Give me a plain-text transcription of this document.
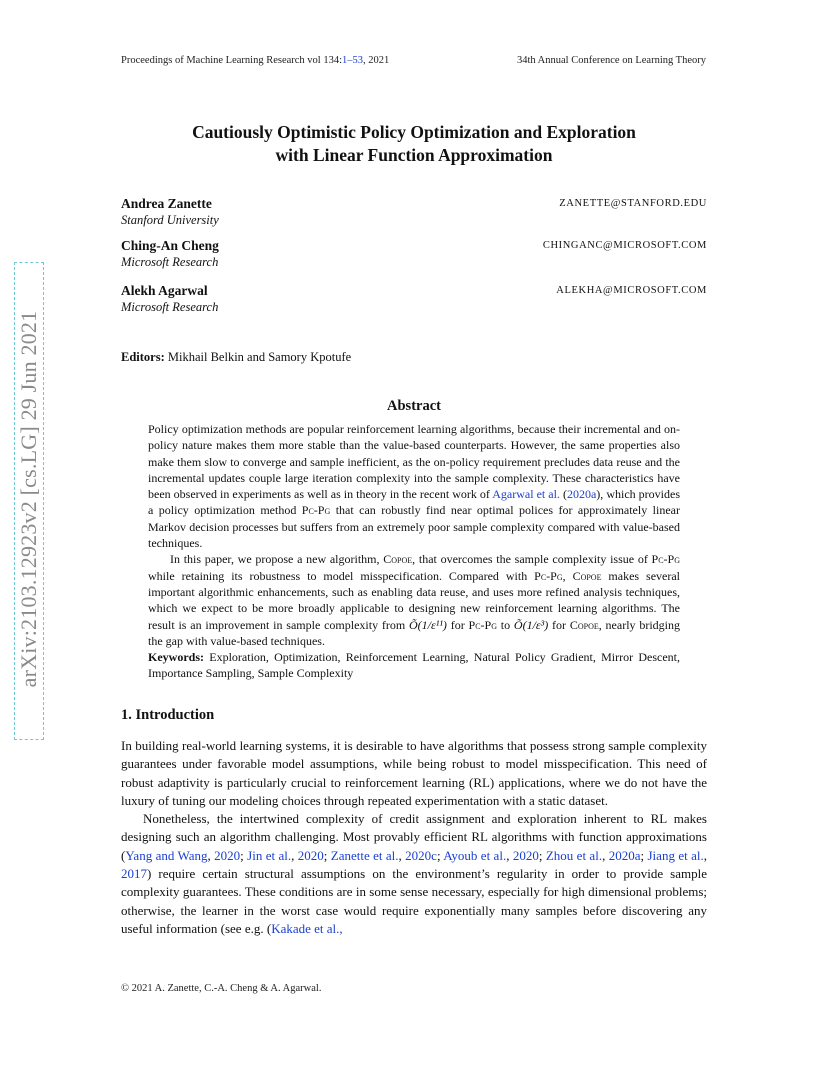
arXiv:2103.12923v2 [cs.LG] 29 Jun 2021
Proceedings of Machine Learning Research vol 134:1–53, 2021	34th Annual Conference on Learning Theory
Cautiously Optimistic Policy Optimization and Exploration
with Linear Function Approximation
Andrea Zanette
Stanford University
ZANETTE@STANFORD.EDU
Ching-An Cheng
Microsoft Research
CHINGANC@MICROSOFT.COM
Alekh Agarwal
Microsoft Research
ALEKHA@MICROSOFT.COM
Editors: Mikhail Belkin and Samory Kpotufe
Abstract

Policy optimization methods are popular reinforcement learning algorithms, because their incremental and on-policy nature makes them more stable than the value-based counterparts. However, the same properties also make them slow to converge and sample inefficient, as the on-policy requirement precludes data reuse and the incremental updates couple large iteration complexity into the sample complexity. These characteristics have been observed in experiments as well as in theory in the recent work of Agarwal et al. (2020a), which provides a policy optimization method Pc-Pg that can robustly find near optimal polices for approximately linear Markov decision processes but suffers from an extremely poor sample complexity compared with value-based techniques.

In this paper, we propose a new algorithm, Copoe, that overcomes the sample complexity issue of Pc-Pg while retaining its robustness to model misspecification. Compared with Pc-Pg, Copoe makes several important algorithmic enhancements, such as enabling data reuse, and uses more refined analysis techniques, which we expect to be more broadly applicable to designing new reinforcement learning algorithms. The result is an improvement in sample complexity from Õ(1/ε¹¹) for Pc-Pg to Õ(1/ε³) for Copoe, nearly bridging the gap with value-based techniques.

Keywords: Exploration, Optimization, Reinforcement Learning, Natural Policy Gradient, Mirror Descent, Importance Sampling, Sample Complexity

1. Introduction

In building real-world learning systems, it is desirable to have algorithms that possess strong sample complexity guarantees under favorable model assumptions, while being robust to model misspecification. This need of robust adaptivity is particularly crucial to reinforcement learning (RL) applications, where we do not have the luxury of tuning our modeling choices through repeated experimentation with a static dataset.

Nonetheless, the intertwined complexity of credit assignment and exploration inherent to RL makes designing such an algorithm challenging. Most provably efficient RL algorithms with function approximations (Yang and Wang, 2020; Jin et al., 2020; Zanette et al., 2020c; Ayoub et al., 2020; Zhou et al., 2020a; Jiang et al., 2017) require certain structural assumptions on the environment’s regularity in order to provide sample complexity guarantees. These conditions are in some sense necessary, especially for high dimensional problems; otherwise, the learner in the worst case would require exponentially many samples before discovering any useful information (see e.g. (Kakade et al.,

© 2021 A. Zanette, C.-A. Cheng & A. Agarwal.
